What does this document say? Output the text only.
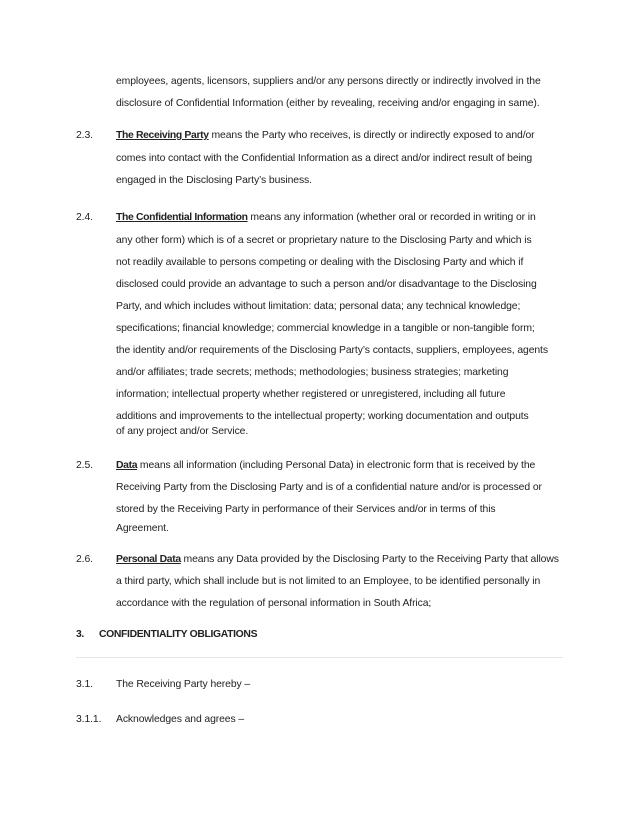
employees, agents, licensors, suppliers and/or any persons directly or indirectly involved in the
disclosure of Confidential Information (either by revealing, receiving and/or engaging in same).
2.3. The Receiving Party means the Party who receives, is directly or indirectly exposed to and/or
comes into contact with the Confidential Information as a direct and/or indirect result of being
engaged in the Disclosing Party’s business.
2.4. The Confidential Information means any information (whether oral or recorded in writing or in
any other form) which is of a secret or proprietary nature to the Disclosing Party and which is
not readily available to persons competing or dealing with the Disclosing Party and which if
disclosed could provide an advantage to such a person and/or disadvantage to the Disclosing
Party, and which includes without limitation: data; personal data; any technical knowledge;
specifications; financial knowledge; commercial knowledge in a tangible or non-tangible form;
the identity and/or requirements of the Disclosing Party’s contacts, suppliers, employees, agents
and/or affiliates; trade secrets; methods; methodologies; business strategies; marketing
information; intellectual property whether registered or unregistered, including all future
additions and improvements to the intellectual property; working documentation and outputs
of any project and/or Service.
2.5. Data means all information (including Personal Data) in electronic form that is received by the
Receiving Party from the Disclosing Party and is of a confidential nature and/or is processed or
stored by the Receiving Party in performance of their Services and/or in terms of this
Agreement.
2.6. Personal Data means any Data provided by the Disclosing Party to the Receiving Party that allows
a third party, which shall include but is not limited to an Employee, to be identified personally in
accordance with the regulation of personal information in South Africa;
3. CONFIDENTIALITY OBLIGATIONS
3.1. The Receiving Party hereby –
3.1.1. Acknowledges and agrees –
